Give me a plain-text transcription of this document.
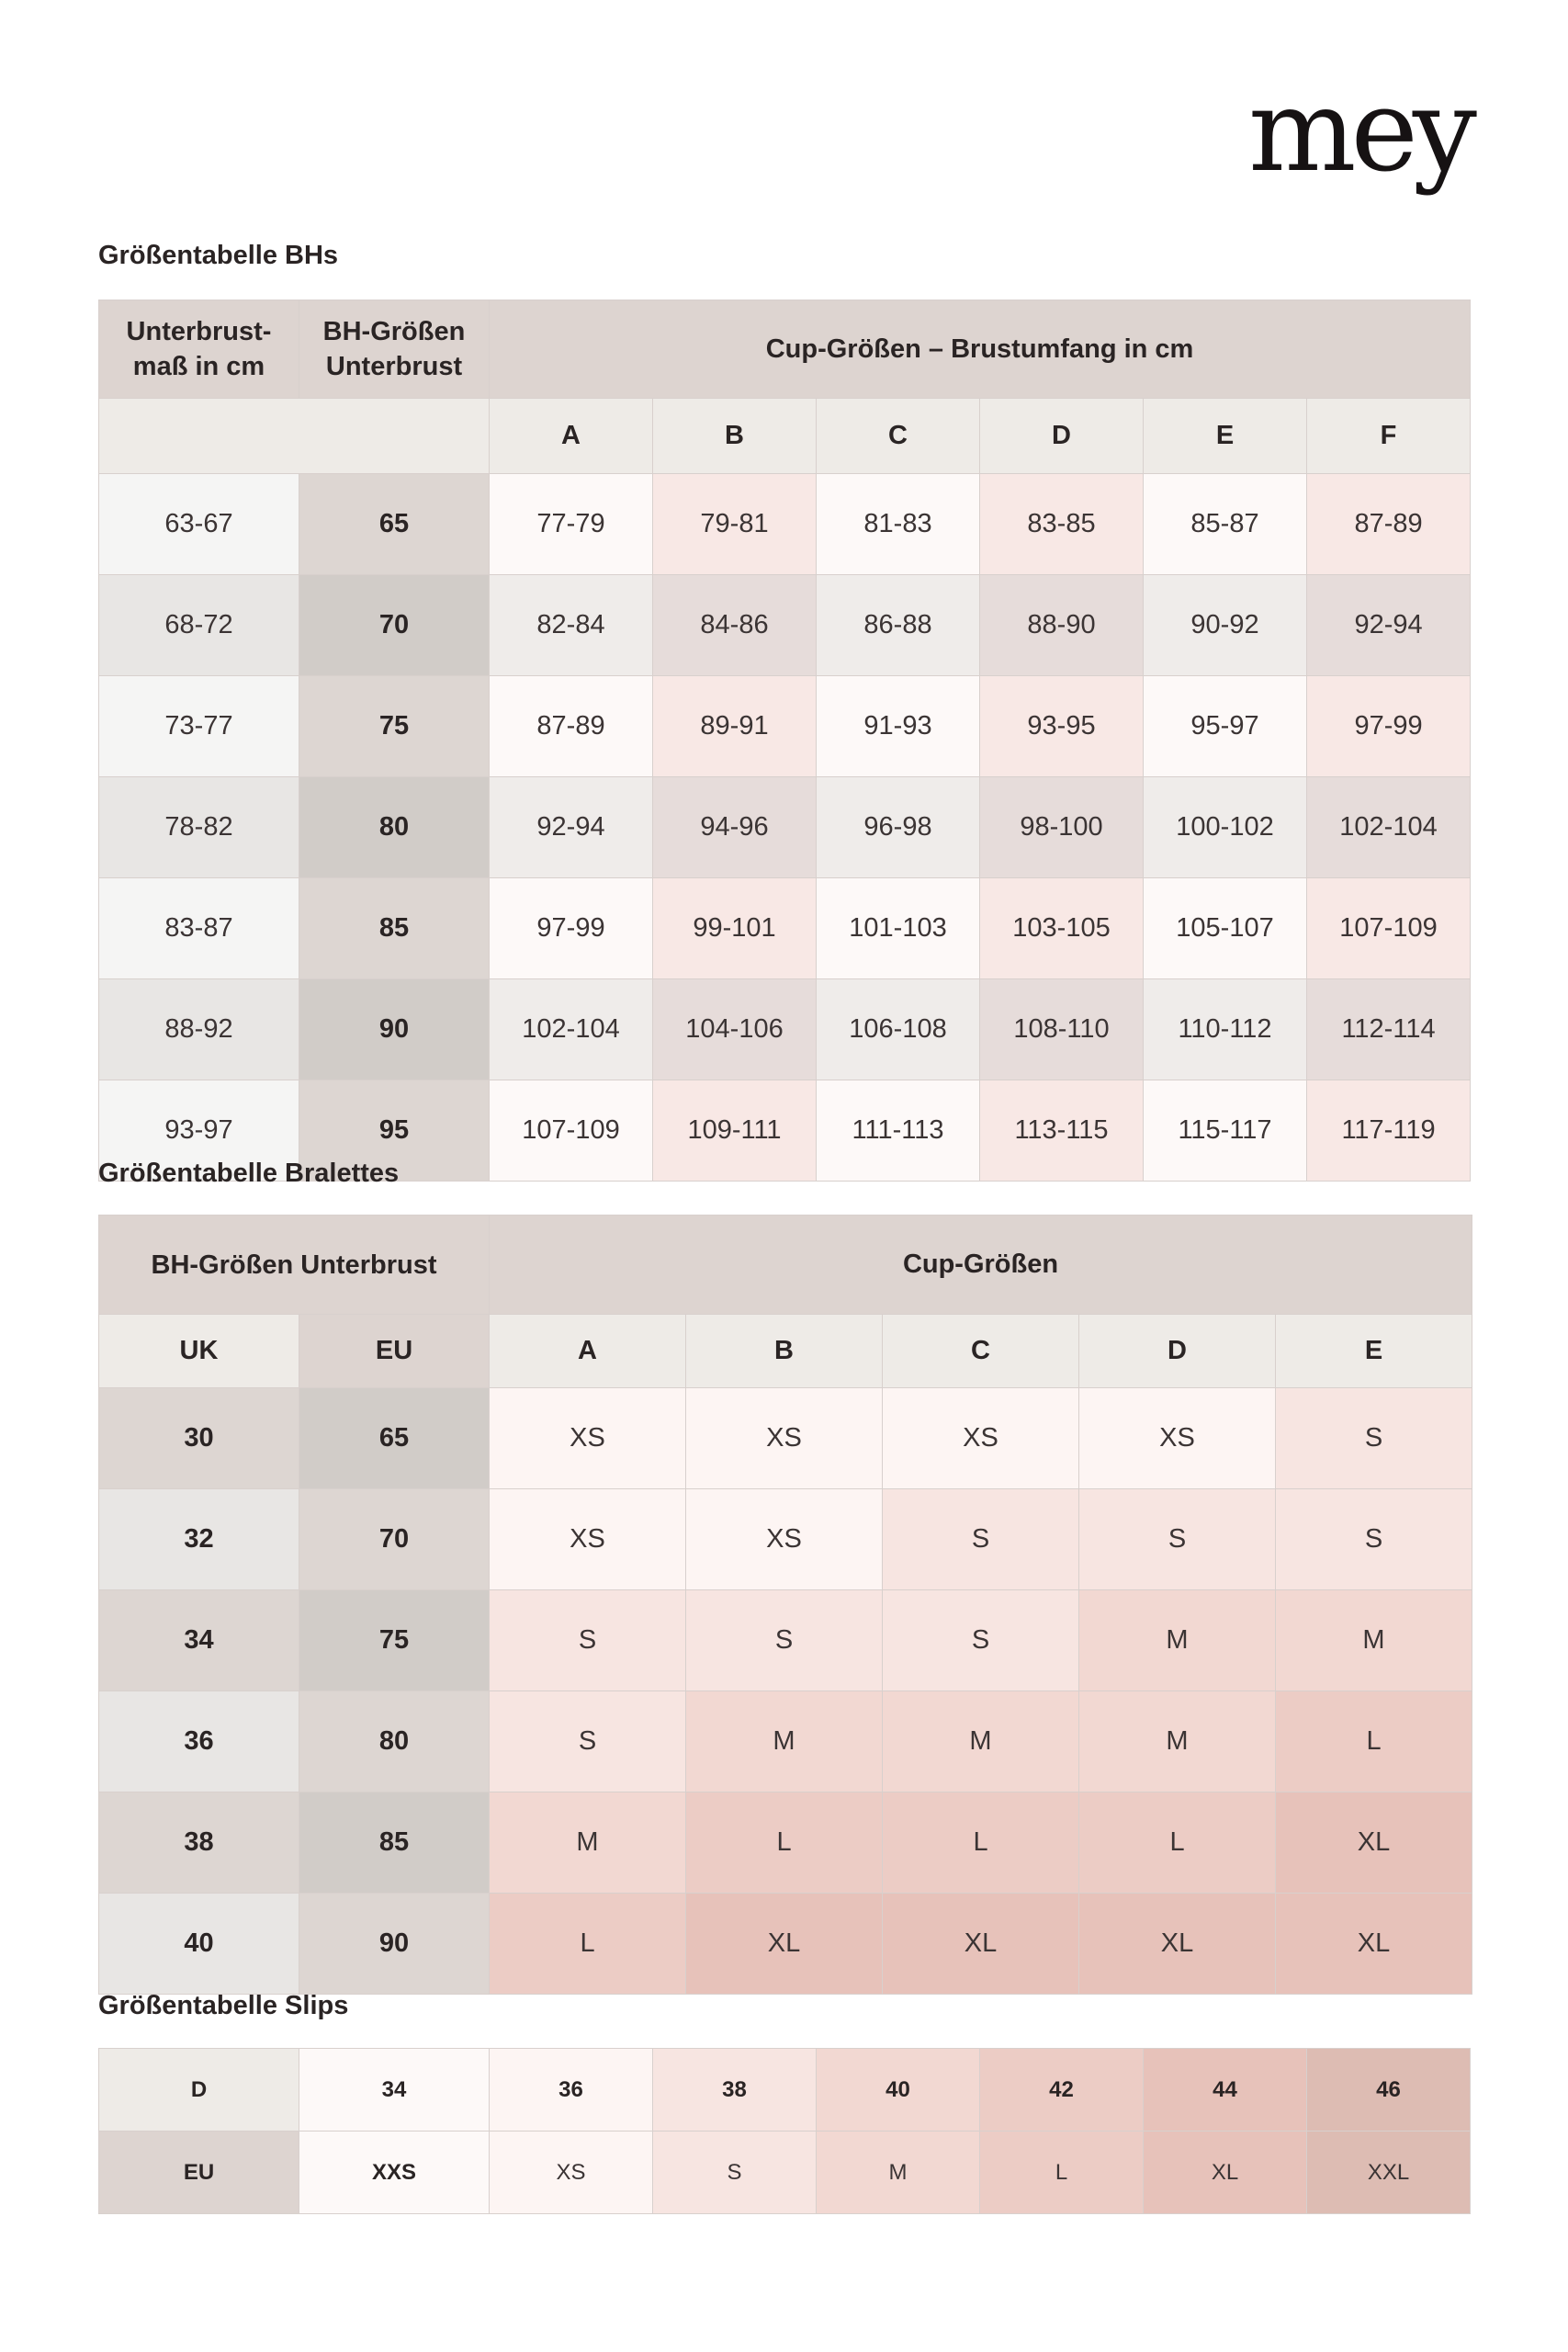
mey
Größentabelle BHs
Unterbrust-maß in cm	BH-Größen Unterbrust	Cup-Größen – Brustumfang in cm					
		A	B	C	D	E	F
63-67	65	77-79	79-81	81-83	83-85	85-87	87-89
68-72	70	82-84	84-86	86-88	88-90	90-92	92-94
73-77	75	87-89	89-91	91-93	93-95	95-97	97-99
78-82	80	92-94	94-96	96-98	98-100	100-102	102-104
83-87	85	97-99	99-101	101-103	103-105	105-107	107-109
88-92	90	102-104	104-106	106-108	108-110	110-112	112-114
93-97	95	107-109	109-111	111-113	113-115	115-117	117-119
Größentabelle Bralettes
BH-Größen Unterbrust		Cup-Größen				
UK	EU	A	B	C	D	E
30	65	XS	XS	XS	XS	S
32	70	XS	XS	S	S	S
34	75	S	S	S	M	M
36	80	S	M	M	M	L
38	85	M	L	L	L	XL
40	90	L	XL	XL	XL	XL
Größentabelle Slips
D	34	36	38	40	42	44	46
EU	XXS	XS	S	M	L	XL	XXL
